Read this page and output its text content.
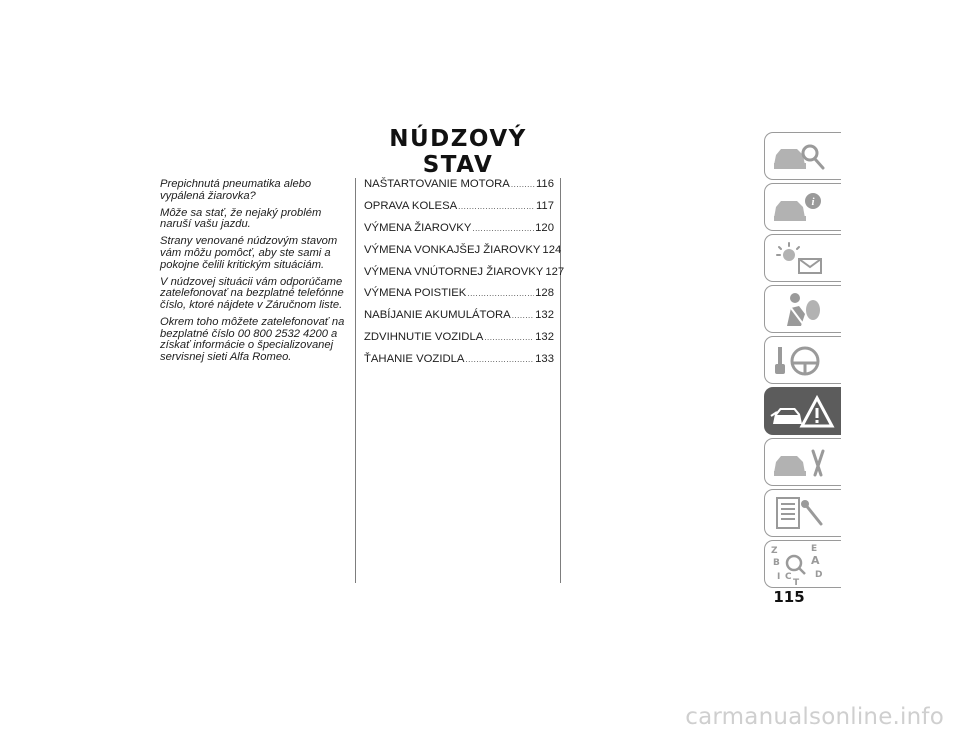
NÚDZOVÝ STAV

Prepichnutá pneumatika alebo vypálená žiarovka?

Môže sa stať, že nejaký problém naruší vašu jazdu.

Strany venované núdzovým stavom vám môžu pomôcť, aby ste sami a pokojne čelili kritickým situáciám.

V núdzovej situácii vám odporúčame zatelefonovať na bezplatné telefónne číslo, ktoré nájdete v Záručnom liste.

Okrem toho môžete zatelefonovať na bezplatné číslo 00 800 2532 4200 a získať informácie o špecializovanej servisnej sieti Alfa Romeo.

NAŠTARTOVANIE MOTORA ..... 116
OPRAVA KOLESA .....	117
VÝMENA ŽIAROVKY .....	120
VÝMENA VONKAJŠEJ ŽIAROVKY 124
VÝMENA VNÚTORNEJ ŽIAROVKY 127
VÝMENA POISTIEK .....	128
NABÍJANIE AKUMULÁTORA ..... 132
ZDVIHNUTIE VOZIDLA .....	132
ŤAHANIE VOZIDLA .....	133
i
Z	E
B	A
I C
T
D
115
carmanualsonline.info
